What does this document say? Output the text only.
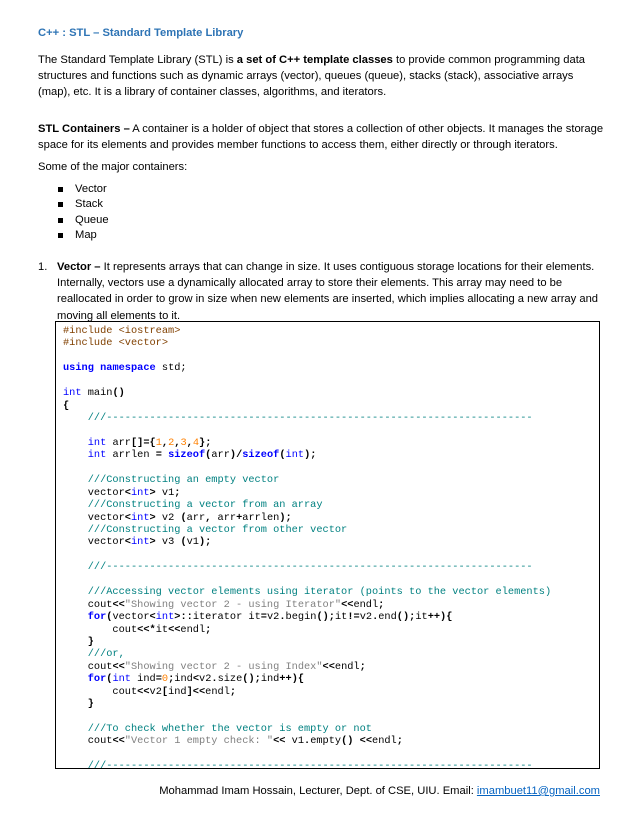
C++ : STL – Standard Template Library
The Standard Template Library (STL) is a set of C++ template classes to provide common programming data structures and functions such as dynamic arrays (vector), queues (queue), stacks (stack), associative arrays (map), etc. It is a library of container classes, algorithms, and iterators.
STL Containers – A container is a holder of object that stores a collection of other objects. It manages the storage space for its elements and provides member functions to access them, either directly or through iterators.
Some of the major containers:
Vector
Stack
Queue
Map
1. Vector – It represents arrays that can change in size. It uses contiguous storage locations for their elements. Internally, vectors use a dynamically allocated array to store their elements. This array may need to be reallocated in order to grow in size when new elements are inserted, which implies allocating a new array and moving all elements to it.
#include <iostream>
#include <vector>

using namespace std;

int main()
{
///---------------------------------------------------------------------

int arr[]={1,2,3,4};
int arrlen = sizeof(arr)/sizeof(int);

///Constructing an empty vector
vector<int> v1;
///Constructing a vector from an array
vector<int> v2 (arr, arr+arrlen);
///Constructing a vector from other vector
vector<int> v3 (v1);

///---------------------------------------------------------------------

///Accessing vector elements using iterator (points to the vector elements)
cout<<"Showing vector 2 - using Iterator"<<endl;
for(vector<int>::iterator it=v2.begin();it!=v2.end();it++){
cout<<*it<<endl;
}
///or,
cout<<"Showing vector 2 - using Index"<<endl;
for(int ind=0;ind<v2.size();ind++){
cout<<v2[ind]<<endl;
}

///To check whether the vector is empty or not
cout<<"Vector 1 empty check: "<< v1.empty() <<endl;

///---------------------------------------------------------------------
Mohammad Imam Hossain, Lecturer, Dept. of CSE, UIU. Email: imambuet11@gmail.com
